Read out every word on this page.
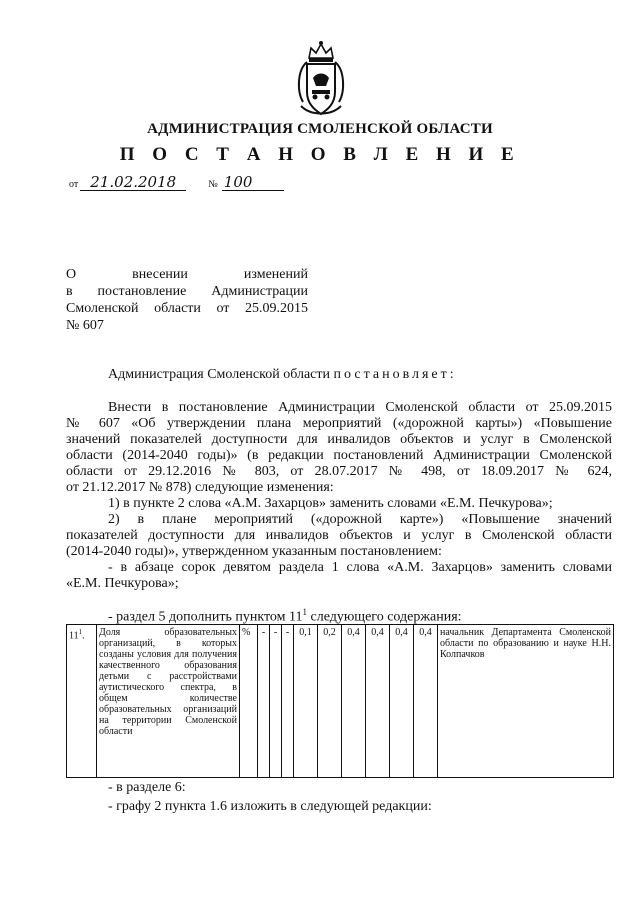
АДМИНИСТРАЦИЯ СМОЛЕНСКОЙ ОБЛАСТИ
П О С Т А Н О В Л Е Н И Е
от 21.02.2018	№ 100
О внесении изменений
в постановление Администрации
Смоленской области от 25.09.2015
№ 607
Администрация Смоленской области постановляет:
Внести в постановление Администрации Смоленской области от 25.09.2015
№ 607 «Об утверждении плана мероприятий («дорожной карты») «Повышение
значений показателей доступности для инвалидов объектов и услуг в Смоленской
области (2014-2040 годы)» (в редакции постановлений Администрации Смоленской
области от 29.12.2016 № 803, от 28.07.2017 № 498, от 18.09.2017 № 624,
от 21.12.2017 № 878) следующие изменения:
1) в пункте 2 слова «А.М. Захарцов» заменить словами «Е.М. Печкурова»;
2) в плане мероприятий («дорожной карте») «Повышение значений
показателей доступности для инвалидов объектов и услуг в Смоленской области
(2014-2040 годы)», утвержденном указанным постановлением:
- в абзаце сорок девятом раздела 1 слова «А.М. Захарцов» заменить словами
«Е.М. Печкурова»;
- раздел 5 дополнить пунктом $11^1$ следующего содержания:
$11^1$.	Доля образовательных организаций, в которых созданы условия для получения качественного образования детьми с расстройствами аутистического спектра, в общем количестве образовательных организаций на территории Смоленской области	%	-	-	-	0,1	0,2	0,4	0,4	0,4	0,4	начальник Департамента Смоленской области по образованию и науке Н.Н. Колпачков
- в разделе 6:
- графу 2 пункта 1.6 изложить в следующей редакции:
